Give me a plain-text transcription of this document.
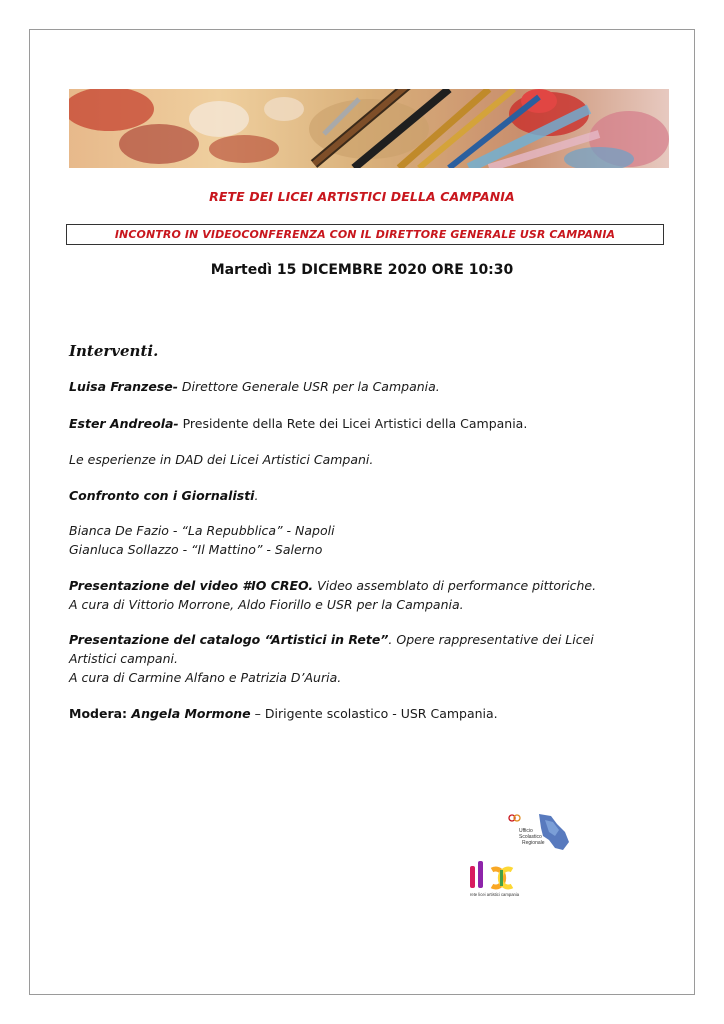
RETE DEI LICEI ARTISTICI DELLA CAMPANIA
INCONTRO IN VIDEOCONFERENZA CON IL DIRETTORE GENERALE USR CAMPANIA
Martedì 15 DICEMBRE 2020 ORE 10:30
Interventi.
Luisa Franzese- Direttore Generale USR per la Campania.
Ester Andreola- Presidente della Rete dei Licei Artistici della Campania.
Le esperienze in DAD dei Licei Artistici Campani.
Confronto con i Giornalisti.
Bianca De Fazio - “La Repubblica” - Napoli
Gianluca Sollazzo - “Il Mattino” - Salerno
Presentazione del video #IO CREO. Video assemblato di performance pittoriche.
A cura di Vittorio Morrone, Aldo Fiorillo e USR per la Campania.
Presentazione del catalogo “Artistici in Rete”. Opere rappresentative dei Licei
Artistici campani.
A cura di Carmine Alfano e Patrizia D’Auria.
Modera: Angela Mormone – Dirigente scolastico - USR Campania.
Ufficio
Scolastico
Regionale
rete licei artistici campania
